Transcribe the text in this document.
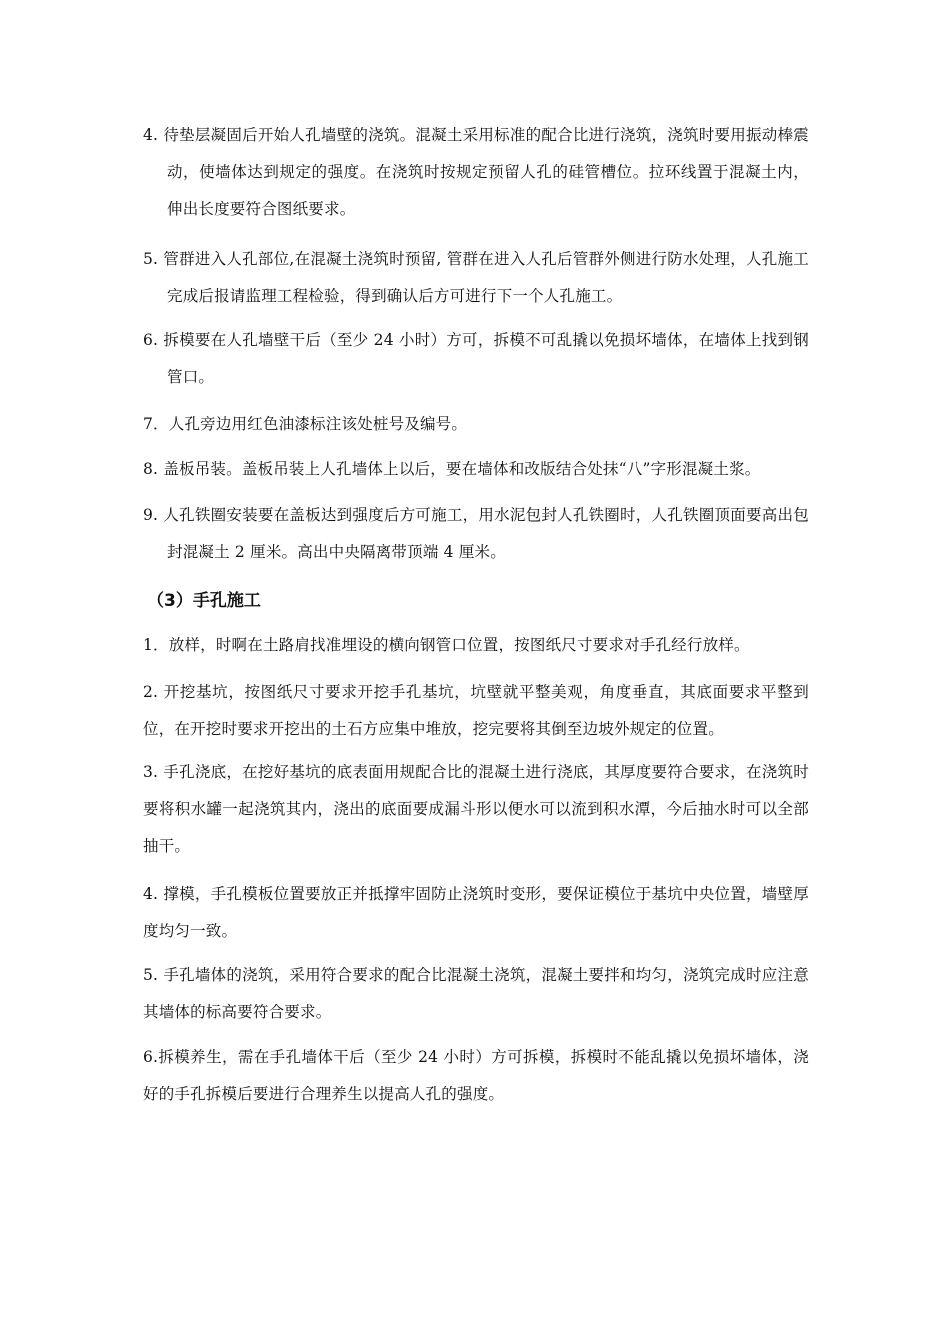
4. 待垫层凝固后开始人孔墙壁的浇筑。混凝土采用标准的配合比进行浇筑，浇筑时要用振动棒震动，使墙体达到规定的强度。在浇筑时按规定预留人孔的硅管槽位。拉环线置于混凝土内，伸出长度要符合图纸要求。
5. 管群进入人孔部位,在混凝土浇筑时预留, 管群在进入人孔后管群外侧进行防水处理，人孔施工完成后报请监理工程检验，得到确认后方可进行下一个人孔施工。
6. 拆模要在人孔墙壁干后（至少 24 小时）方可，拆模不可乱撬以免损坏墙体，在墙体上找到钢管口。
7．人孔旁边用红色油漆标注该处桩号及编号。
8. 盖板吊装。盖板吊装上人孔墙体上以后，要在墙体和改版结合处抹“八”字形混凝土浆。
9. 人孔铁圈安装要在盖板达到强度后方可施工，用水泥包封人孔铁圈时，人孔铁圈顶面要高出包封混凝土 2 厘米。高出中央隔离带顶端 4 厘米。
（3）手孔施工
1．放样，时啊在土路肩找准埋设的横向钢管口位置，按图纸尺寸要求对手孔经行放样。
2. 开挖基坑，按图纸尺寸要求开挖手孔基坑，坑壁就平整美观，角度垂直，其底面要求平整到位，在开挖时要求开挖出的土石方应集中堆放，挖完要将其倒至边坡外规定的位置。
3. 手孔浇底，在挖好基坑的底表面用规配合比的混凝土进行浇底，其厚度要符合要求，在浇筑时要将积水罐一起浇筑其内，浇出的底面要成漏斗形以便水可以流到积水潭，今后抽水时可以全部抽干。
4. 撑模，手孔模板位置要放正并抵撑牢固防止浇筑时变形，要保证模位于基坑中央位置，墙壁厚度均匀一致。
5. 手孔墙体的浇筑，采用符合要求的配合比混凝土浇筑，混凝土要拌和均匀，浇筑完成时应注意其墙体的标高要符合要求。
6.拆模养生，需在手孔墙体干后（至少 24 小时）方可拆模，拆模时不能乱撬以免损坏墙体，浇好的手孔拆模后要进行合理养生以提高人孔的强度。
